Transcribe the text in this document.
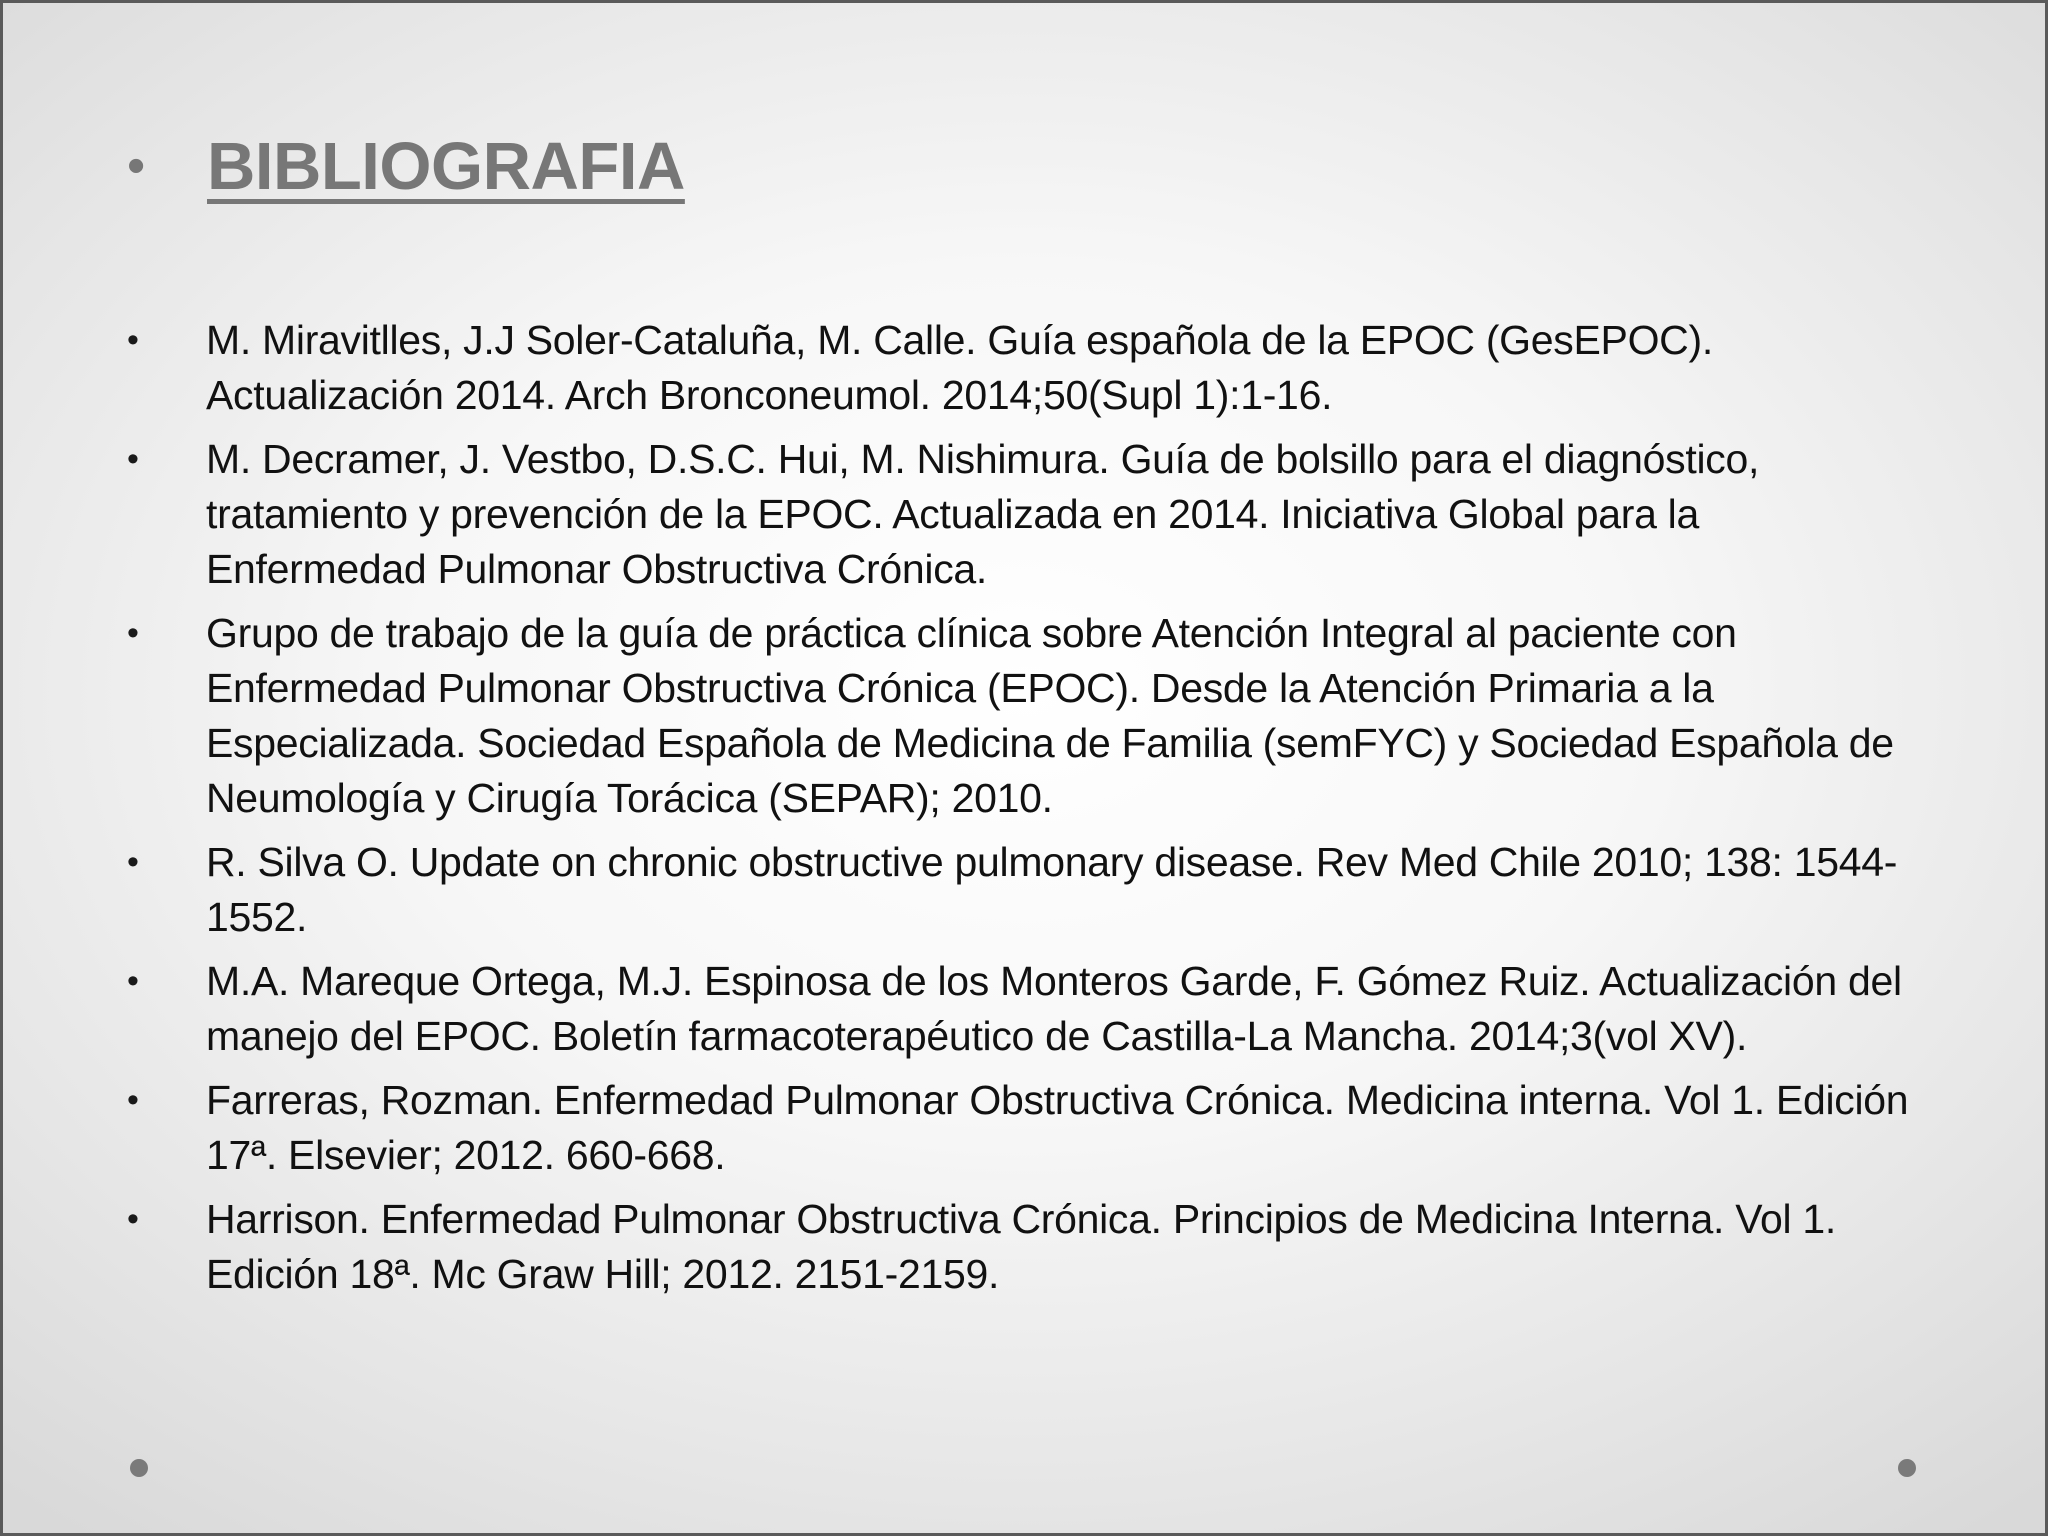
• BIBLIOGRAFIA
•	M. Miravitlles, J.J Soler-Cataluña, M. Calle. Guía española de la EPOC (GesEPOC). Actualización 2014. Arch Bronconeumol. 2014;50(Supl 1):1-16.
•	M. Decramer, J. Vestbo, D.S.C. Hui, M. Nishimura. Guía de bolsillo para el diagnóstico, tratamiento y prevención de la EPOC. Actualizada en 2014. Iniciativa Global para la Enfermedad Pulmonar Obstructiva Crónica.
•	Grupo de trabajo de la guía de práctica clínica sobre Atención Integral al paciente con Enfermedad Pulmonar Obstructiva Crónica (EPOC). Desde la Atención Primaria a la Especializada. Sociedad Española de Medicina de Familia (semFYC) y Sociedad Española de Neumología y Cirugía Torácica (SEPAR); 2010.
•	R. Silva O. Update on chronic obstructive pulmonary disease. Rev Med Chile 2010; 138: 1544-1552.
•	M.A. Mareque Ortega, M.J. Espinosa de los Monteros Garde, F. Gómez Ruiz. Actualización del manejo del EPOC. Boletín farmacoterapéutico de Castilla-La Mancha. 2014;3(vol XV).
•	Farreras, Rozman. Enfermedad Pulmonar Obstructiva Crónica. Medicina interna. Vol 1. Edición 17ª. Elsevier; 2012. 660-668.
•	Harrison. Enfermedad Pulmonar Obstructiva Crónica. Principios de Medicina Interna. Vol 1. Edición 18ª. Mc Graw Hill; 2012. 2151-2159.
